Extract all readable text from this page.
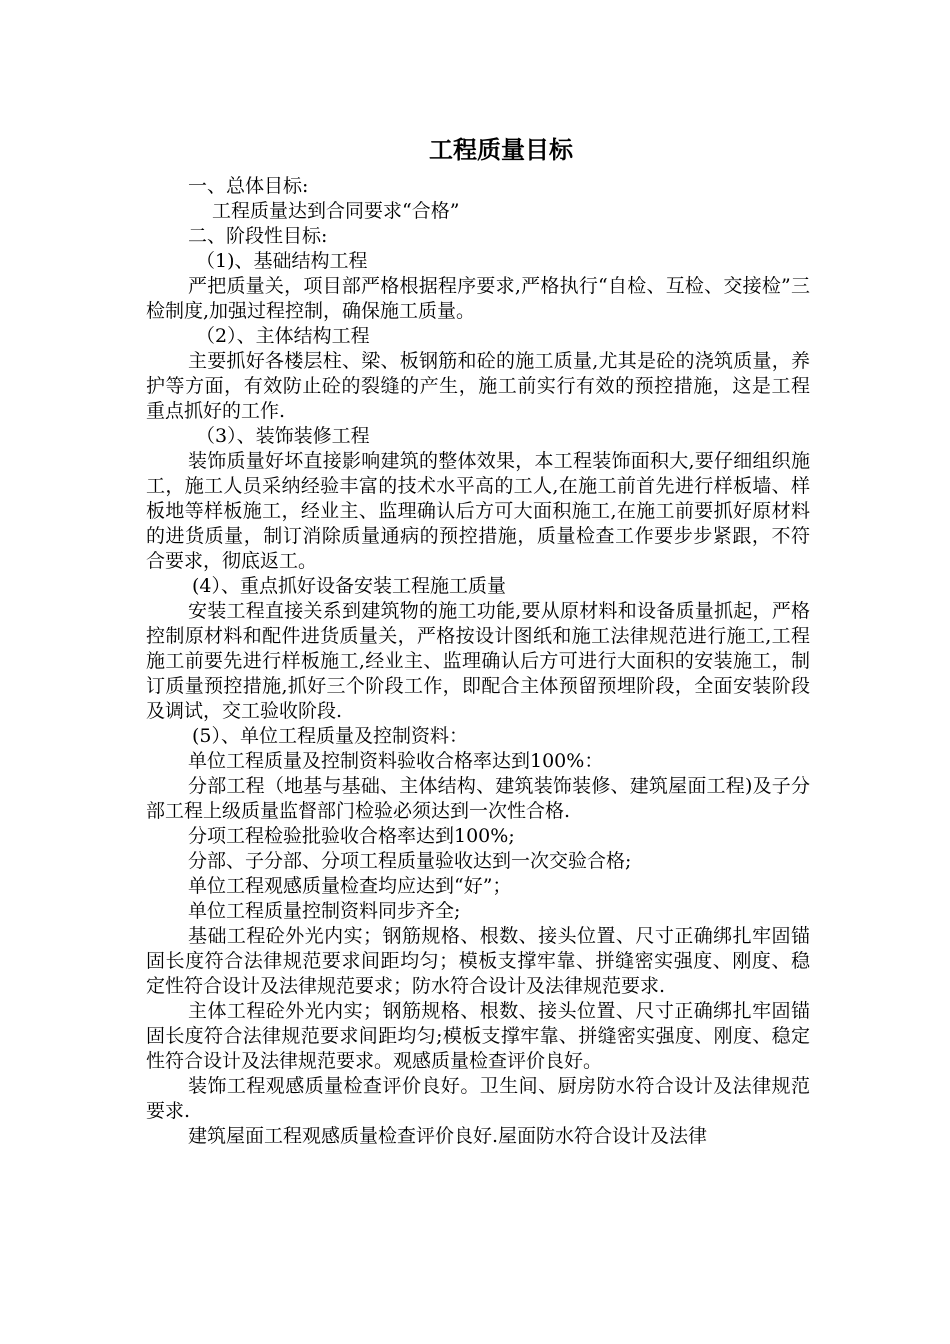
工程质量目标

一、总体目标:

工程质量达到合同要求“合格”

二、阶段性目标:

（1)、基础结构工程

严把质量关，项目部严格根据程序要求,严格执行“自检、互检、交接检”三检制度,加强过程控制，确保施工质量。

（2）、主体结构工程

主要抓好各楼层柱、梁、板钢筋和砼的施工质量,尤其是砼的浇筑质量，养护等方面，有效防止砼的裂缝的产生，施工前实行有效的预控措施，这是工程重点抓好的工作.

（3）、装饰装修工程

装饰质量好坏直接影响建筑的整体效果，本工程装饰面积大,要仔细组织施工，施工人员采纳经验丰富的技术水平高的工人,在施工前首先进行样板墙、样板地等样板施工，经业主、监理确认后方可大面积施工,在施工前要抓好原材料的进货质量，制订消除质量通病的预控措施，质量检查工作要步步紧跟，不符合要求，彻底返工。

(4）、重点抓好设备安装工程施工质量

安装工程直接关系到建筑物的施工功能,要从原材料和设备质量抓起，严格控制原材料和配件进货质量关，严格按设计图纸和施工法律规范进行施工,工程施工前要先进行样板施工,经业主、监理确认后方可进行大面积的安装施工，制订质量预控措施,抓好三个阶段工作，即配合主体预留预埋阶段，全面安装阶段及调试，交工验收阶段.

(5）、单位工程质量及控制资料：

单位工程质量及控制资料验收合格率达到100%：

分部工程（地基与基础、主体结构、建筑装饰装修、建筑屋面工程)及子分部工程上级质量监督部门检验必须达到一次性合格.

分项工程检验批验收合格率达到100%;

分部、子分部、分项工程质量验收达到一次交验合格;

单位工程观感质量检查均应达到“好”；

单位工程质量控制资料同步齐全;

基础工程砼外光内实；钢筋规格、根数、接头位置、尺寸正确绑扎牢固锚固长度符合法律规范要求间距均匀；模板支撑牢靠、拼缝密实强度、刚度、稳定性符合设计及法律规范要求；防水符合设计及法律规范要求.

主体工程砼外光内实；钢筋规格、根数、接头位置、尺寸正确绑扎牢固锚固长度符合法律规范要求间距均匀;模板支撑牢靠、拼缝密实强度、刚度、稳定性符合设计及法律规范要求。观感质量检查评价良好。

装饰工程观感质量检查评价良好。卫生间、厨房防水符合设计及法律规范要求.

建筑屋面工程观感质量检查评价良好.屋面防水符合设计及法律
